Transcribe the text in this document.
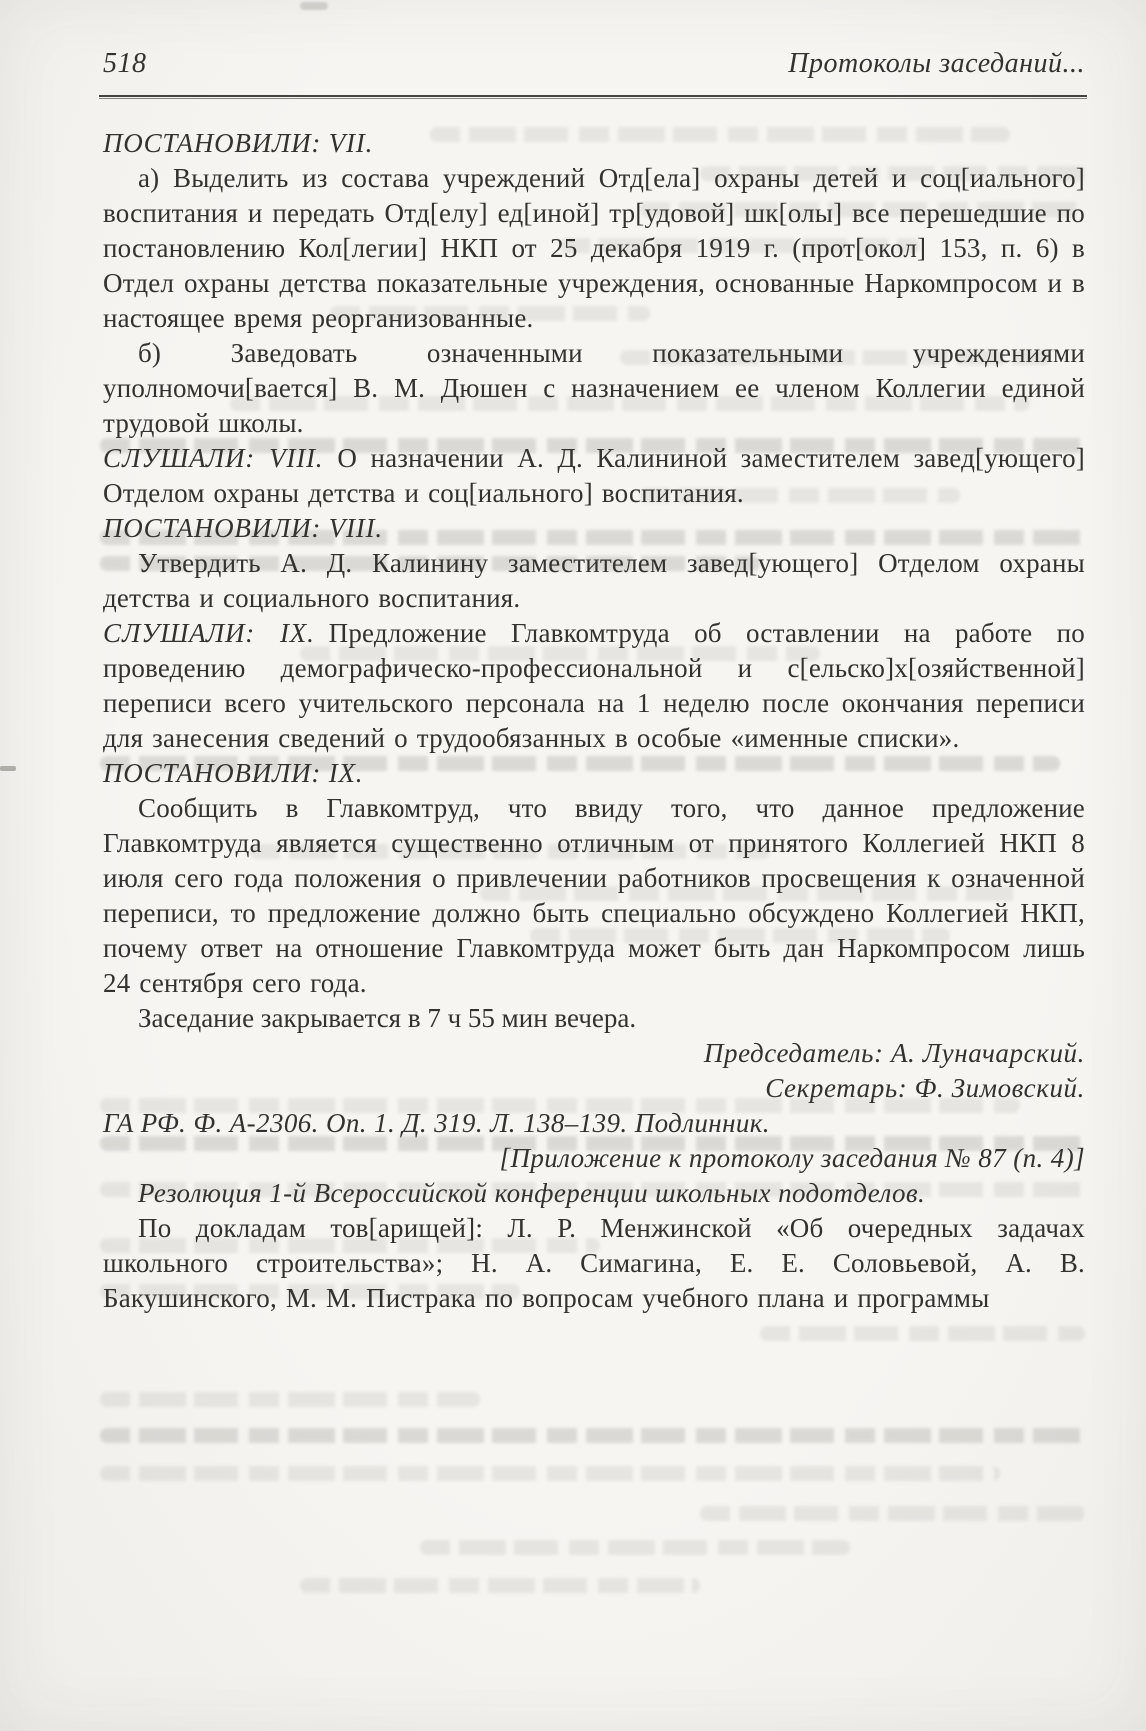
518	Протоколы заседаний...

ПОСТАНОВИЛИ: VII.

а) Выделить из состава учреждений Отд[ела] охраны детей и соц[иального] воспитания и передать Отд[елу] ед[иной] тр[удовой] шк[олы] все перешедшие по постановлению Кол[легии] НКП от 25 декабря 1919 г. (прот[окол] 153, п. 6) в Отдел охраны детства показательные учреждения, основанные Наркомпросом и в настоящее время реорганизованные.

б) Заведовать означенными показательными учреждениями уполномочи[вается] В. М. Дюшен с назначением ее членом Коллегии единой трудовой школы.

СЛУШАЛИ: VIII. О назначении А. Д. Калининой заместителем завед[ующего] Отделом охраны детства и соц[иального] воспитания.

ПОСТАНОВИЛИ: VIII.

Утвердить А. Д. Калинину заместителем завед[ующего] Отделом охраны детства и социального воспитания.

СЛУШАЛИ: IX. Предложение Главкомтруда об оставлении на работе по проведению демографическо-профессиональной и с[ельско]х[озяйственной] переписи всего учительского персонала на 1 неделю после окончания переписи для занесения сведений о трудообязанных в особые «именные списки».

ПОСТАНОВИЛИ: IX.

Сообщить в Главкомтруд, что ввиду того, что данное предложение Главкомтруда является существенно отличным от принятого Коллегией НКП 8 июля сего года положения о привлечении работников просвещения к означенной переписи, то предложение должно быть специально обсуждено Коллегией НКП, почему ответ на отношение Главкомтруда может быть дан Наркомпросом лишь 24 сентября сего года.

Заседание закрывается в 7 ч 55 мин вечера.

Председатель: А. Луначарский.

Секретарь: Ф. Зимовский.

ГА РФ. Ф. А-2306. Оп. 1. Д. 319. Л. 138–139. Подлинник.

[Приложение к протоколу заседания № 87 (п. 4)]

Резолюция 1-й Всероссийской конференции школьных подотделов.

По докладам тов[арищей]: Л. Р. Менжинской «Об очередных задачах школьного строительства»; Н. А. Симагина, Е. Е. Соловьевой, А. В. Бакушинского, М. М. Пистрака по вопросам учебного плана и программы
